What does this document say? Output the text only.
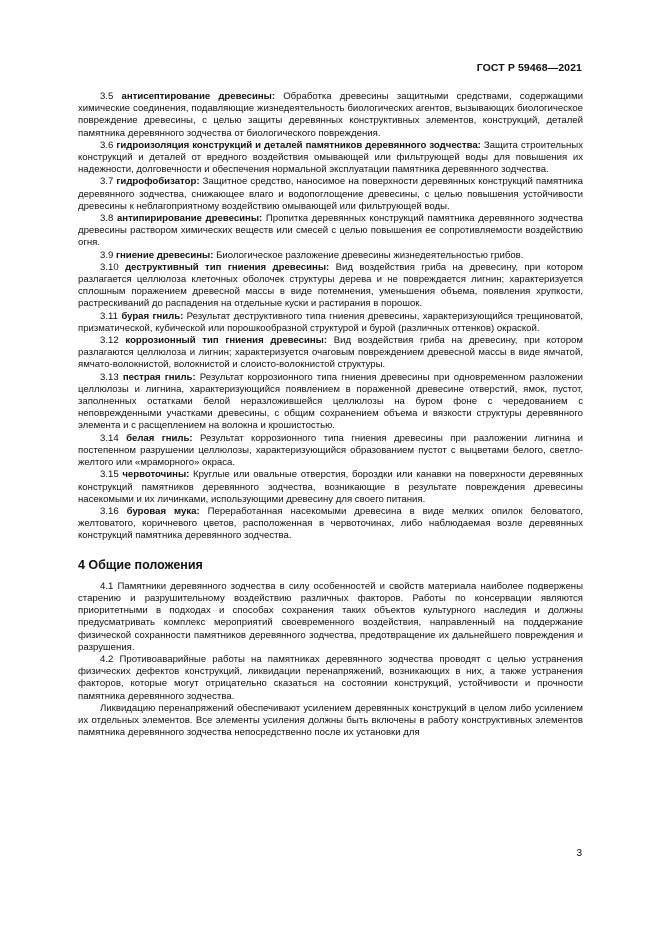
ГОСТ Р 59468—2021

3.5 антисептирование древесины: Обработка древесины защитными средствами, содержащими химические соединения, подавляющие жизнедеятельность биологических агентов, вызывающих биологическое повреждение древесины, с целью защиты деревянных конструктивных элементов, конструкций, деталей памятника деревянного зодчества от биологического повреждения.

3.6 гидроизоляция конструкций и деталей памятников деревянного зодчества: Защита строительных конструкций и деталей от вредного воздействия омывающей или фильтрующей воды для повышения их надежности, долговечности и обеспечения нормальной эксплуатации памятника деревянного зодчества.

3.7 гидрофобизатор: Защитное средство, наносимое на поверхности деревянных конструкций памятника деревянного зодчества, снижающее влаго и водопоглощение древесины, с целью повышения устойчивости древесины к неблагоприятному воздействию омывающей или фильтрующей воды.

3.8 антипирирование древесины: Пропитка деревянных конструкций памятника деревянного зодчества древесины раствором химических веществ или смесей с целью повышения ее сопротивляемости воздействию огня.

3.9 гниение древесины: Биологическое разложение древесины жизнедеятельностью грибов.

3.10 деструктивный тип гниения древесины: Вид воздействия гриба на древесину, при котором разлагается целлюлоза клеточных оболочек структуры дерева и не повреждается лигнин; характеризуется сплошным поражением древесной массы в виде потемнения, уменьшения объема, появления хрупкости, растрескиваний до распадения на отдельные куски и растирания в порошок.

3.11 бурая гниль: Результат деструктивного типа гниения древесины, характеризующийся трещиноватой, призматической, кубической или порошкообразной структурой и бурой (различных оттенков) окраской.

3.12 коррозионный тип гниения древесины: Вид воздействия гриба на древесину, при котором разлагаются целлюлоза и лигнин; характеризуется очаговым повреждением древесной массы в виде ямчатой, ямчато-волокнистой, волокнистой и слоисто-волокнистой структуры.

3.13 пестрая гниль: Результат коррозионного типа гниения древесины при одновременном разложении целлюлозы и лигнина, характеризующийся появлением в пораженной древесине отверстий, ямок, пустот, заполненных остатками белой неразложившейся целлюлозы на буром фоне с чередованием с неповрежденными участками древесины, с общим сохранением объема и вязкости структуры деревянного элемента и с расщеплением на волокна и крошистостью.

3.14 белая гниль: Результат коррозионного типа гниения древесины при разложении лигнина и постепенном разрушении целлюлозы, характеризующийся образованием пустот с выцветами белого, светло-желтого или «мраморного» окраса.

3.15 червоточины: Круглые или овальные отверстия, бороздки или канавки на поверхности деревянных конструкций памятников деревянного зодчества, возникающие в результате повреждения древесины насекомыми и их личинками, использующими древесину для своего питания.

3.16 буровая мука: Переработанная насекомыми древесина в виде мелких опилок беловатого, желтоватого, коричневого цветов, расположенная в червоточинах, либо наблюдаемая возле деревянных конструкций памятника деревянного зодчества.

4 Общие положения

4.1 Памятники деревянного зодчества в силу особенностей и свойств материала наиболее подвержены старению и разрушительному воздействию различных факторов. Работы по консервации являются приоритетными в подходах и способах сохранения таких объектов культурного наследия и должны предусматривать комплекс мероприятий своевременного воздействия, направленный на поддержание физической сохранности памятников деревянного зодчества, предотвращение их дальнейшего повреждения и разрушения.

4.2 Противоаварийные работы на памятниках деревянного зодчества проводят с целью устранения физических дефектов конструкций, ликвидации перенапряжений, возникающих в них, а также устранения факторов, которые могут отрицательно сказаться на состоянии конструкций, устойчивости и прочности памятника деревянного зодчества.

Ликвидацию перенапряжений обеспечивают усилением деревянных конструкций в целом либо усилением их отдельных элементов. Все элементы усиления должны быть включены в работу конструктивных элементов памятника деревянного зодчества непосредственно после их установки для

3
